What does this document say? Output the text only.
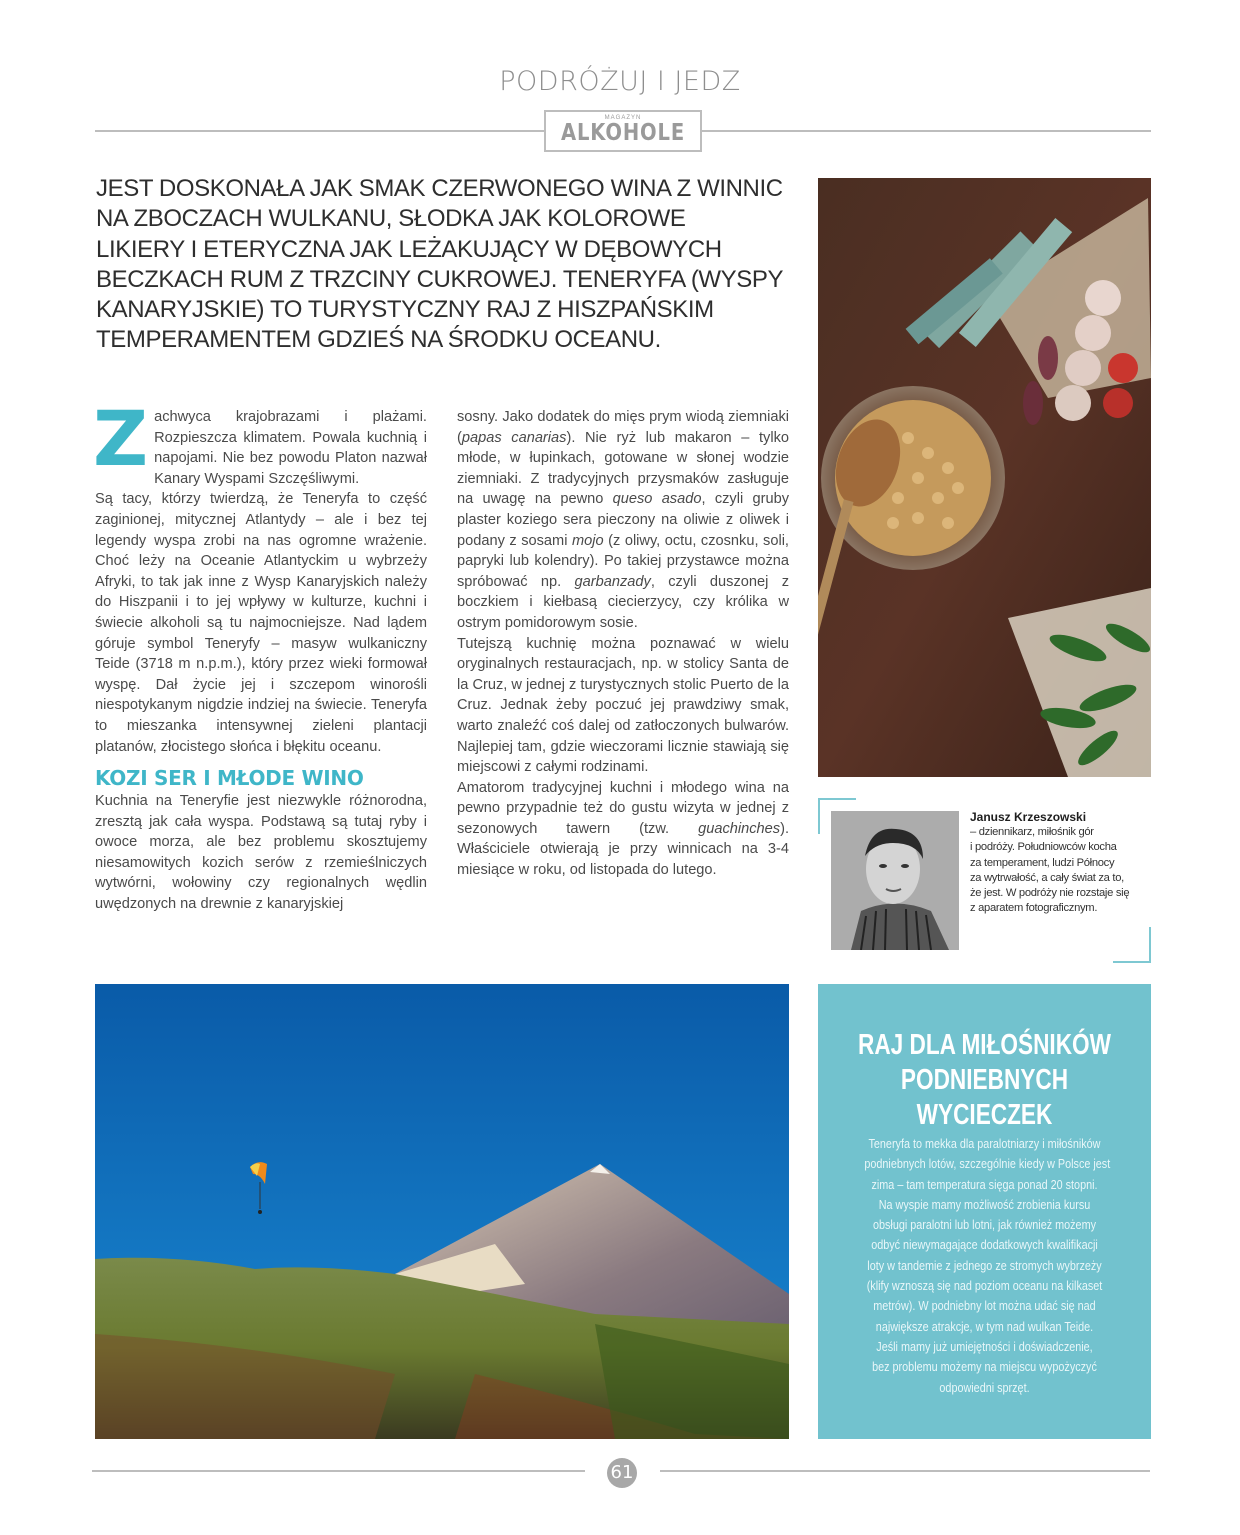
PODRÓŻUJ I JEDZ
MAGAZYN
ALKOHOLE
JEST DOSKONAŁA JAK SMAK CZERWONEGO WINA Z WINNIC
NA ZBOCZACH WULKANU, SŁODKA JAK KOLOROWE
LIKIERY I ETERYCZNA JAK LEŻAKUJĄCY W DĘBOWYCH
BECZKACH RUM Z TRZCINY CUKROWEJ. TENERYFA (WYSPY
KANARYJSKIE) TO TURYSTYCZNY RAJ Z HISZPAŃSKIM
TEMPERAMENTEM GDZIEŚ NA ŚRODKU OCEANU.

Zachwyca krajobrazami i plażami. Rozpieszcza klimatem. Powala kuchnią i napojami. Nie bez powodu Platon nazwał Kanary Wyspami Szczęśliwymi.

Są tacy, którzy twierdzą, że Teneryfa to część zaginionej, mitycznej Atlantydy – ale i bez tej legendy wyspa zrobi na nas ogromne wrażenie. Choć leży na Oceanie Atlantyckim u wybrzeży Afryki, to tak jak inne z Wysp Kanaryjskich należy do Hiszpanii i to jej wpływy w kulturze, kuchni i świecie alkoholi są tu najmocniejsze. Nad lądem góruje symbol Teneryfy – masyw wulkaniczny Teide (3718 m n.p.m.), który przez wieki formował wyspę. Dał życie jej i szczepom winorośli niespotykanym nigdzie indziej na świecie. Teneryfa to mieszanka intensywnej zieleni plantacji platanów, złocistego słońca i błękitu oceanu.

KOZI SER I MŁODE WINO

Kuchnia na Teneryfie jest niezwykle różnorodna, zresztą jak cała wyspa. Podstawą są tutaj ryby i owoce morza, ale bez problemu skosztujemy niesamowitych kozich serów z rzemieślniczych wytwórni, wołowiny czy regionalnych wędlin uwędzonych na drewnie z kanaryjskiej

sosny. Jako dodatek do mięs prym wiodą ziemniaki (papas canarias). Nie ryż lub makaron – tylko młode, w łupinkach, gotowane w słonej wodzie ziemniaki. Z tradycyjnych przysmaków zasługuje na uwagę na pewno queso asado, czyli gruby plaster koziego sera pieczony na oliwie z oliwek i podany z sosami mojo (z oliwy, octu, czosnku, soli, papryki lub kolendry). Po takiej przystawce można spróbować np. garbanzady, czyli duszonej z boczkiem i kiełbasą ciecierzycy, czy królika w ostrym pomidorowym sosie.

Tutejszą kuchnię można poznawać w wielu oryginalnych restauracjach, np. w stolicy Santa de la Cruz, w jednej z turystycznych stolic Puerto de la Cruz. Jednak żeby poczuć jej prawdziwy smak, warto znaleźć coś dalej od zatłoczonych bulwarów. Najlepiej tam, gdzie wieczorami licznie stawiają się miejscowi z całymi rodzinami.

Amatorom tradycyjnej kuchni i młodego wina na pewno przypadnie też do gustu wizyta w jednej z sezonowych tawern (tzw. guachinches). Właściciele otwierają je przy winnicach na 3-4 miesiące w roku, od listopada do lutego.

Janusz Krzeszowski
– dziennikarz, miłośnik gór
i podróży. Południowców kocha
za temperament, ludzi Północy
za wytrwałość, a cały świat za to,
że jest. W podróży nie rozstaje się
z aparatem fotograficznym.
RAJ DLA MIŁOŚNIKÓW
PODNIEBNYCH
WYCIECZEK
Teneryfa to mekka dla paralotniarzy i miłośników
podniebnych lotów, szczególnie kiedy w Polsce jest
zima – tam temperatura sięga ponad 20 stopni.
Na wyspie mamy możliwość zrobienia kursu
obsługi paralotni lub lotni, jak również możemy
odbyć niewymagające dodatkowych kwalifikacji
loty w tandemie z jednego ze stromych wybrzeży
(klify wznoszą się nad poziom oceanu na kilkaset
metrów). W podniebny lot można udać się nad
największe atrakcje, w tym nad wulkan Teide.
Jeśli mamy już umiejętności i doświadczenie,
bez problemu możemy na miejscu wypożyczyć
odpowiedni sprzęt.
61
